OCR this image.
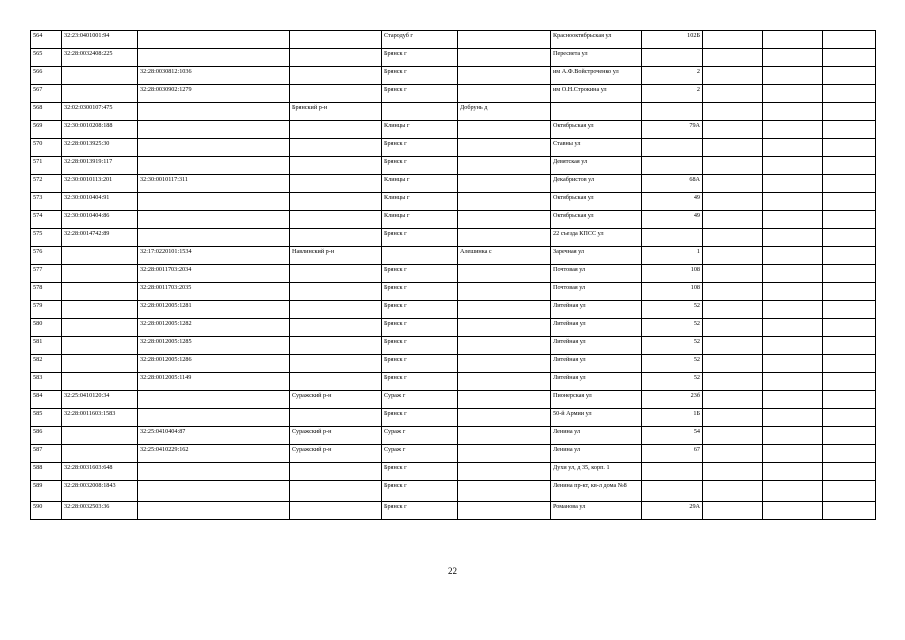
564	32:23:0401001:94			Стародуб г		Краснооктябрьская ул	102Б			
565	32:28:0032408:225			Брянск г		Пересвета ул				
566		32:28:0030812:1036		Брянск г		им А.Ф.Войстроченко ул	2			
567		32:28:0030902:1279		Брянск г		им О.Н.Строкина ул	2			
568	32:02:0300107:475		Брянский р-н		Добрунь д					
569	32:30:0010208:188			Клинцы г		Октябрьская ул	79А			
570	32:28:0013925:30			Брянск г		Ставны ул				
571	32:28:0013919:117			Брянск г		Девятская ул				
572	32:30:0010113:201	32:30:0010117:311		Клинцы г		Декабристов ул	68А			
573	32:30:0010404:91			Клинцы г		Октябрьская ул	49			
574	32:30:0010404:86			Клинцы г		Октябрьская ул	49			
575	32:28:0014742:89			Брянск г		22 съезда КПСС ул				
576		32:17:0220101:1534	Навлинский р-н		Алешинка с	Заречная ул	1			
577		32:28:0011703:2034		Брянск г		Почтовая ул	108			
578		32:28:0011703:2035		Брянск г		Почтовая ул	108			
579		32:28:0012005:1281		Брянск г		Литейная ул	52			
580		32:28:0012005:1282		Брянск г		Литейная ул	52			
581		32:28:0012005:1285		Брянск г		Литейная ул	52			
582		32:28:0012005:1286		Брянск г		Литейная ул	52			
583		32:28:0012005:1149		Брянск г		Литейная ул	52			
584	32:25:0410120:34		Суражский р-н	Сураж г		Пионерская ул	23б			
585	32:28:0011603:1583			Брянск г		50-й Армии ул	1Б			
586		32:25:0410404:87	Суражский р-н	Сураж г		Ленина ул	54			
587		32:25:0410229:162	Суражский р-н	Сураж г		Ленина ул	67			
588	32:28:0031603:648			Брянск г		Духи ул, д 35, корп. 1				
589	32:28:0032008:1843			Брянск г		Ленина пр-кт, кв-л дома №8				
590	32:28:0032503:36			Брянск г		Романова ул	29А			
22
